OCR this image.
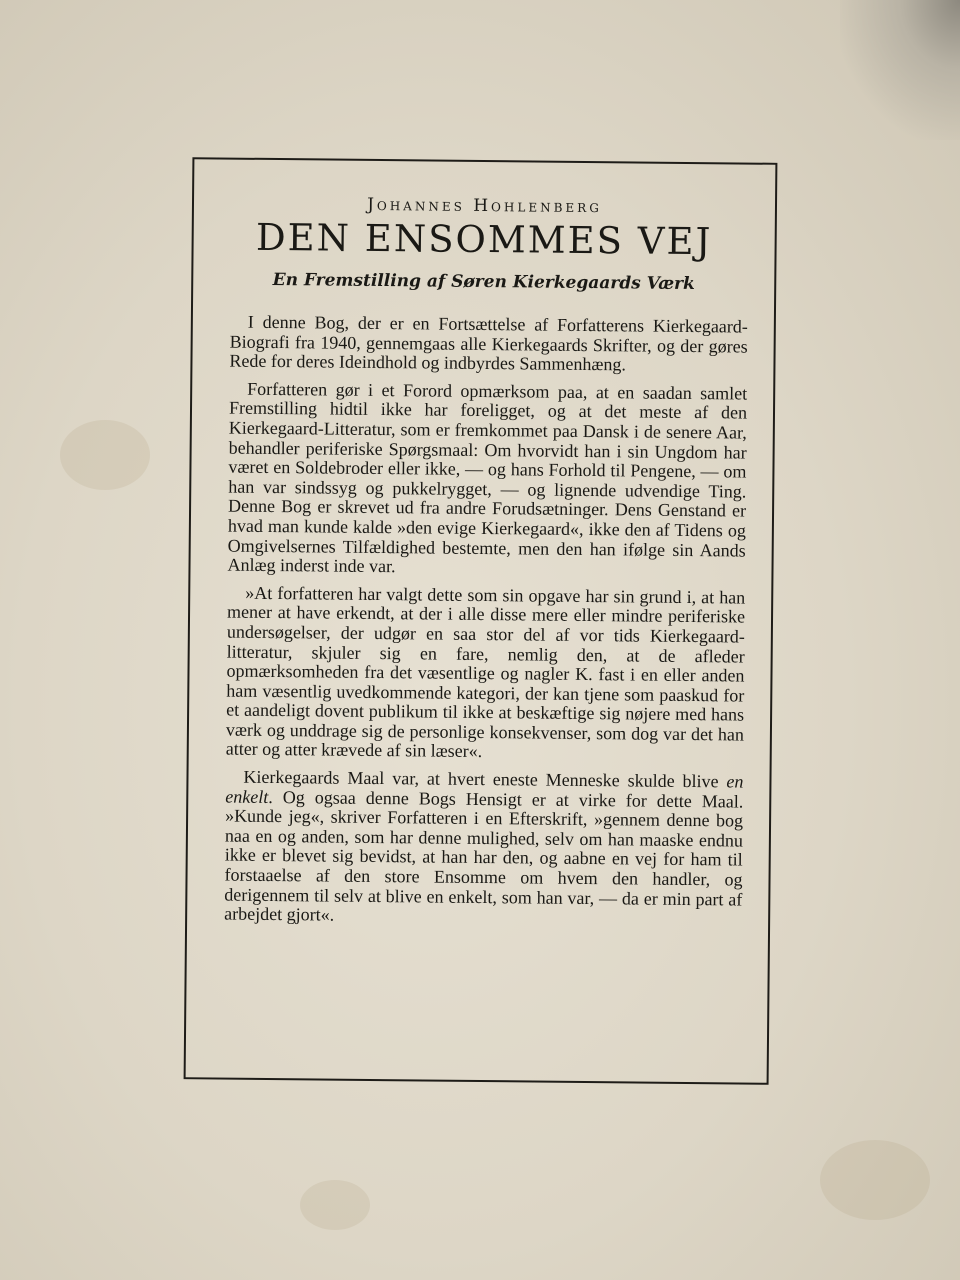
Johannes Hohlenberg
DEN ENSOMMES VEJ
En Fremstilling af Søren Kierkegaards Værk

I denne Bog, der er en Fortsættelse af Forfatterens Kierkegaard-Biografi fra 1940, gennemgaas alle Kierkegaards Skrifter, og der gøres Rede for deres Ideindhold og indbyrdes Sammenhæng.

Forfatteren gør i et Forord opmærksom paa, at en saadan samlet Fremstilling hidtil ikke har foreligget, og at det meste af den Kierkegaard-Litteratur, som er fremkommet paa Dansk i de senere Aar, behandler periferiske Spørgsmaal: Om hvorvidt han i sin Ungdom har været en Soldebroder eller ikke, — og hans Forhold til Pengene, — om han var sindssyg og pukkelrygget, — og lignende udvendige Ting. Denne Bog er skrevet ud fra andre Forudsætninger. Dens Genstand er hvad man kunde kalde »den evige Kierkegaard«, ikke den af Tidens og Omgivelsernes Tilfældighed bestemte, men den han ifølge sin Aands Anlæg inderst inde var.

»At forfatteren har valgt dette som sin opgave har sin grund i, at han mener at have erkendt, at der i alle disse mere eller mindre periferiske undersøgelser, der udgør en saa stor del af vor tids Kierkegaard-litteratur, skjuler sig en fare, nemlig den, at de afleder opmærksomheden fra det væsentlige og nagler K. fast i en eller anden ham væsentlig uvedkommende kategori, der kan tjene som paaskud for et aandeligt dovent publikum til ikke at beskæftige sig nøjere med hans værk og unddrage sig de personlige konsekvenser, som dog var det han atter og atter krævede af sin læser«.

Kierkegaards Maal var, at hvert eneste Menneske skulde blive en enkelt. Og ogsaa denne Bogs Hensigt er at virke for dette Maal. »Kunde jeg«, skriver Forfatteren i en Efterskrift, »gennem denne bog naa en og anden, som har denne mulighed, selv om han maaske endnu ikke er blevet sig bevidst, at han har den, og aabne en vej for ham til forstaaelse af den store Ensomme om hvem den handler, og derigennem til selv at blive en enkelt, som han var, — da er min part af arbejdet gjort«.
